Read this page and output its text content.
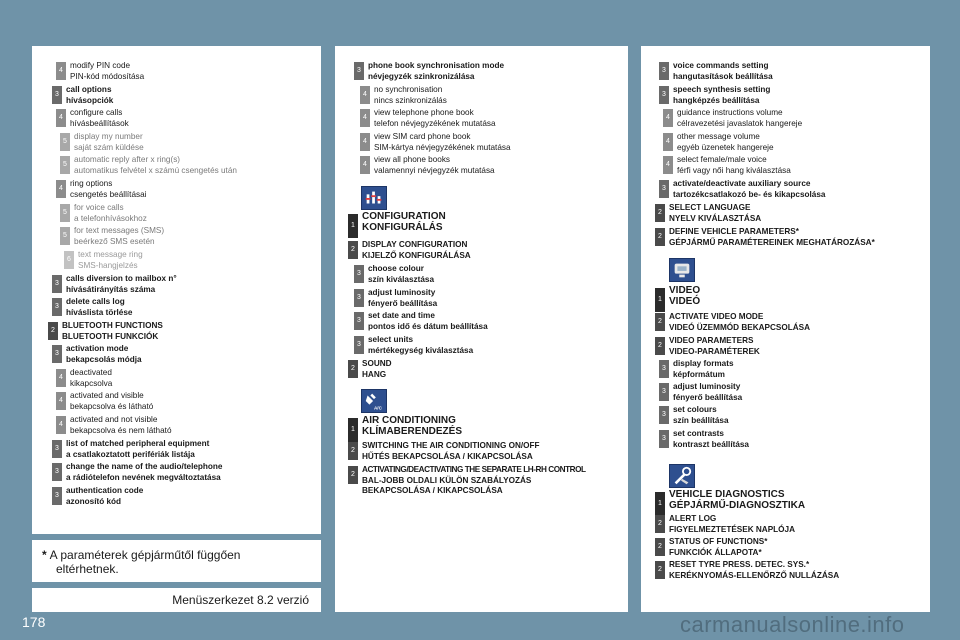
4
modify PIN code
PIN-kód módosítása
3
call options
hívásopciók
4
configure calls
hívásbeállítások
5
display my number
saját szám küldése
5
automatic reply after x ring(s)
automatikus felvétel x számú csengetés után
4
ring options
csengetés beállításai
5
for voice calls
a telefonhívásokhoz
5
for text messages (SMS)
beérkező SMS esetén
6
text message ring
SMS-hangjelzés
3
calls diversion to mailbox n°
hívásátirányítás száma
3
delete calls log
híváslista törlése
2
BLUETOOTH FUNCTIONS
BLUETOOTH FUNKCIÓK
3
activation mode
bekapcsolás módja
4
deactivated
kikapcsolva
4
activated and visible
bekapcsolva és látható
4
activated and not visible
bekapcsolva és nem látható
3
list of matched peripheral equipment
a csatlakoztatott perifériák listája
3
change the name of the audio/telephone
a rádiótelefon nevének megváltoztatása
3
authentication code
azonosító kód
* A paraméterek gépjárműtől függően
eltérhetnek.
Menüszerkezet 8.2 verzió
3
phone book synchronisation mode
névjegyzék szinkronizálása
4
no synchronisation
nincs szinkronizálás
4
view telephone phone book
telefon névjegyzékének mutatása
4
view SIM card phone book
SIM-kártya névjegyzékének mutatása
4
view all phone books
valamennyi névjegyzék mutatása
1
CONFIGURATION
KONFIGURÁLÁS
2
DISPLAY CONFIGURATION
KIJELZŐ KONFIGURÁLÁSA
3
choose colour
szín kiválasztása
3
adjust luminosity
fényerő beállítása
3
set date and time
pontos idő és dátum beállítása
3
select units
mértékegység kiválasztása
2
SOUND
HANG
1
AIR CONDITIONING
KLÍMABERENDEZÉS
2
SWITCHING THE AIR CONDITIONING ON/OFF
HŰTÉS BEKAPCSOLÁSA / KIKAPCSOLÁSA
2
ACTIVATING/DEACTIVATING THE SEPARATE LH-RH CONTROL
BAL-JOBB OLDALI KÜLÖN SZABÁLYOZÁS BEKAPCSOLÁSA / KIKAPCSOLÁSA
A/C
3
voice commands setting
hangutasítások beállítása
3
speech synthesis setting
hangképzés beállítása
4
guidance instructions volume
célravezetési javaslatok hangereje
4
other message volume
egyéb üzenetek hangereje
4
select female/male voice
férfi vagy női hang kiválasztása
3
activate/deactivate auxiliary source
tartozékcsatlakozó be- és kikapcsolása
2
SELECT LANGUAGE
NYELV KIVÁLASZTÁSA
2
DEFINE VEHICLE PARAMETERS*
GÉPJÁRMŰ PARAMÉTEREINEK MEGHATÁROZÁSA*
1
VIDEO
VIDEÓ
2
ACTIVATE VIDEO MODE
VIDEÓ ÜZEMMÓD BEKAPCSOLÁSA
2
VIDEO PARAMETERS
VIDEO-PARAMÉTEREK
3
display formats
képformátum
3
adjust luminosity
fényerő beállítása
3
set colours
szín beállítása
3
set contrasts
kontraszt beállítása
1
VEHICLE DIAGNOSTICS
GÉPJÁRMŰ-DIAGNOSZTIKA
2
ALERT LOG
FIGYELMEZTETÉSEK NAPLÓJA
2
STATUS OF FUNCTIONS*
FUNKCIÓK ÁLLAPOTA*
2
RESET TYRE PRESS. DETEC. SYS.*
KERÉKNYOMÁS-ELLENŐRZŐ NULLÁZÁSA
178	carmanualsonline.info
